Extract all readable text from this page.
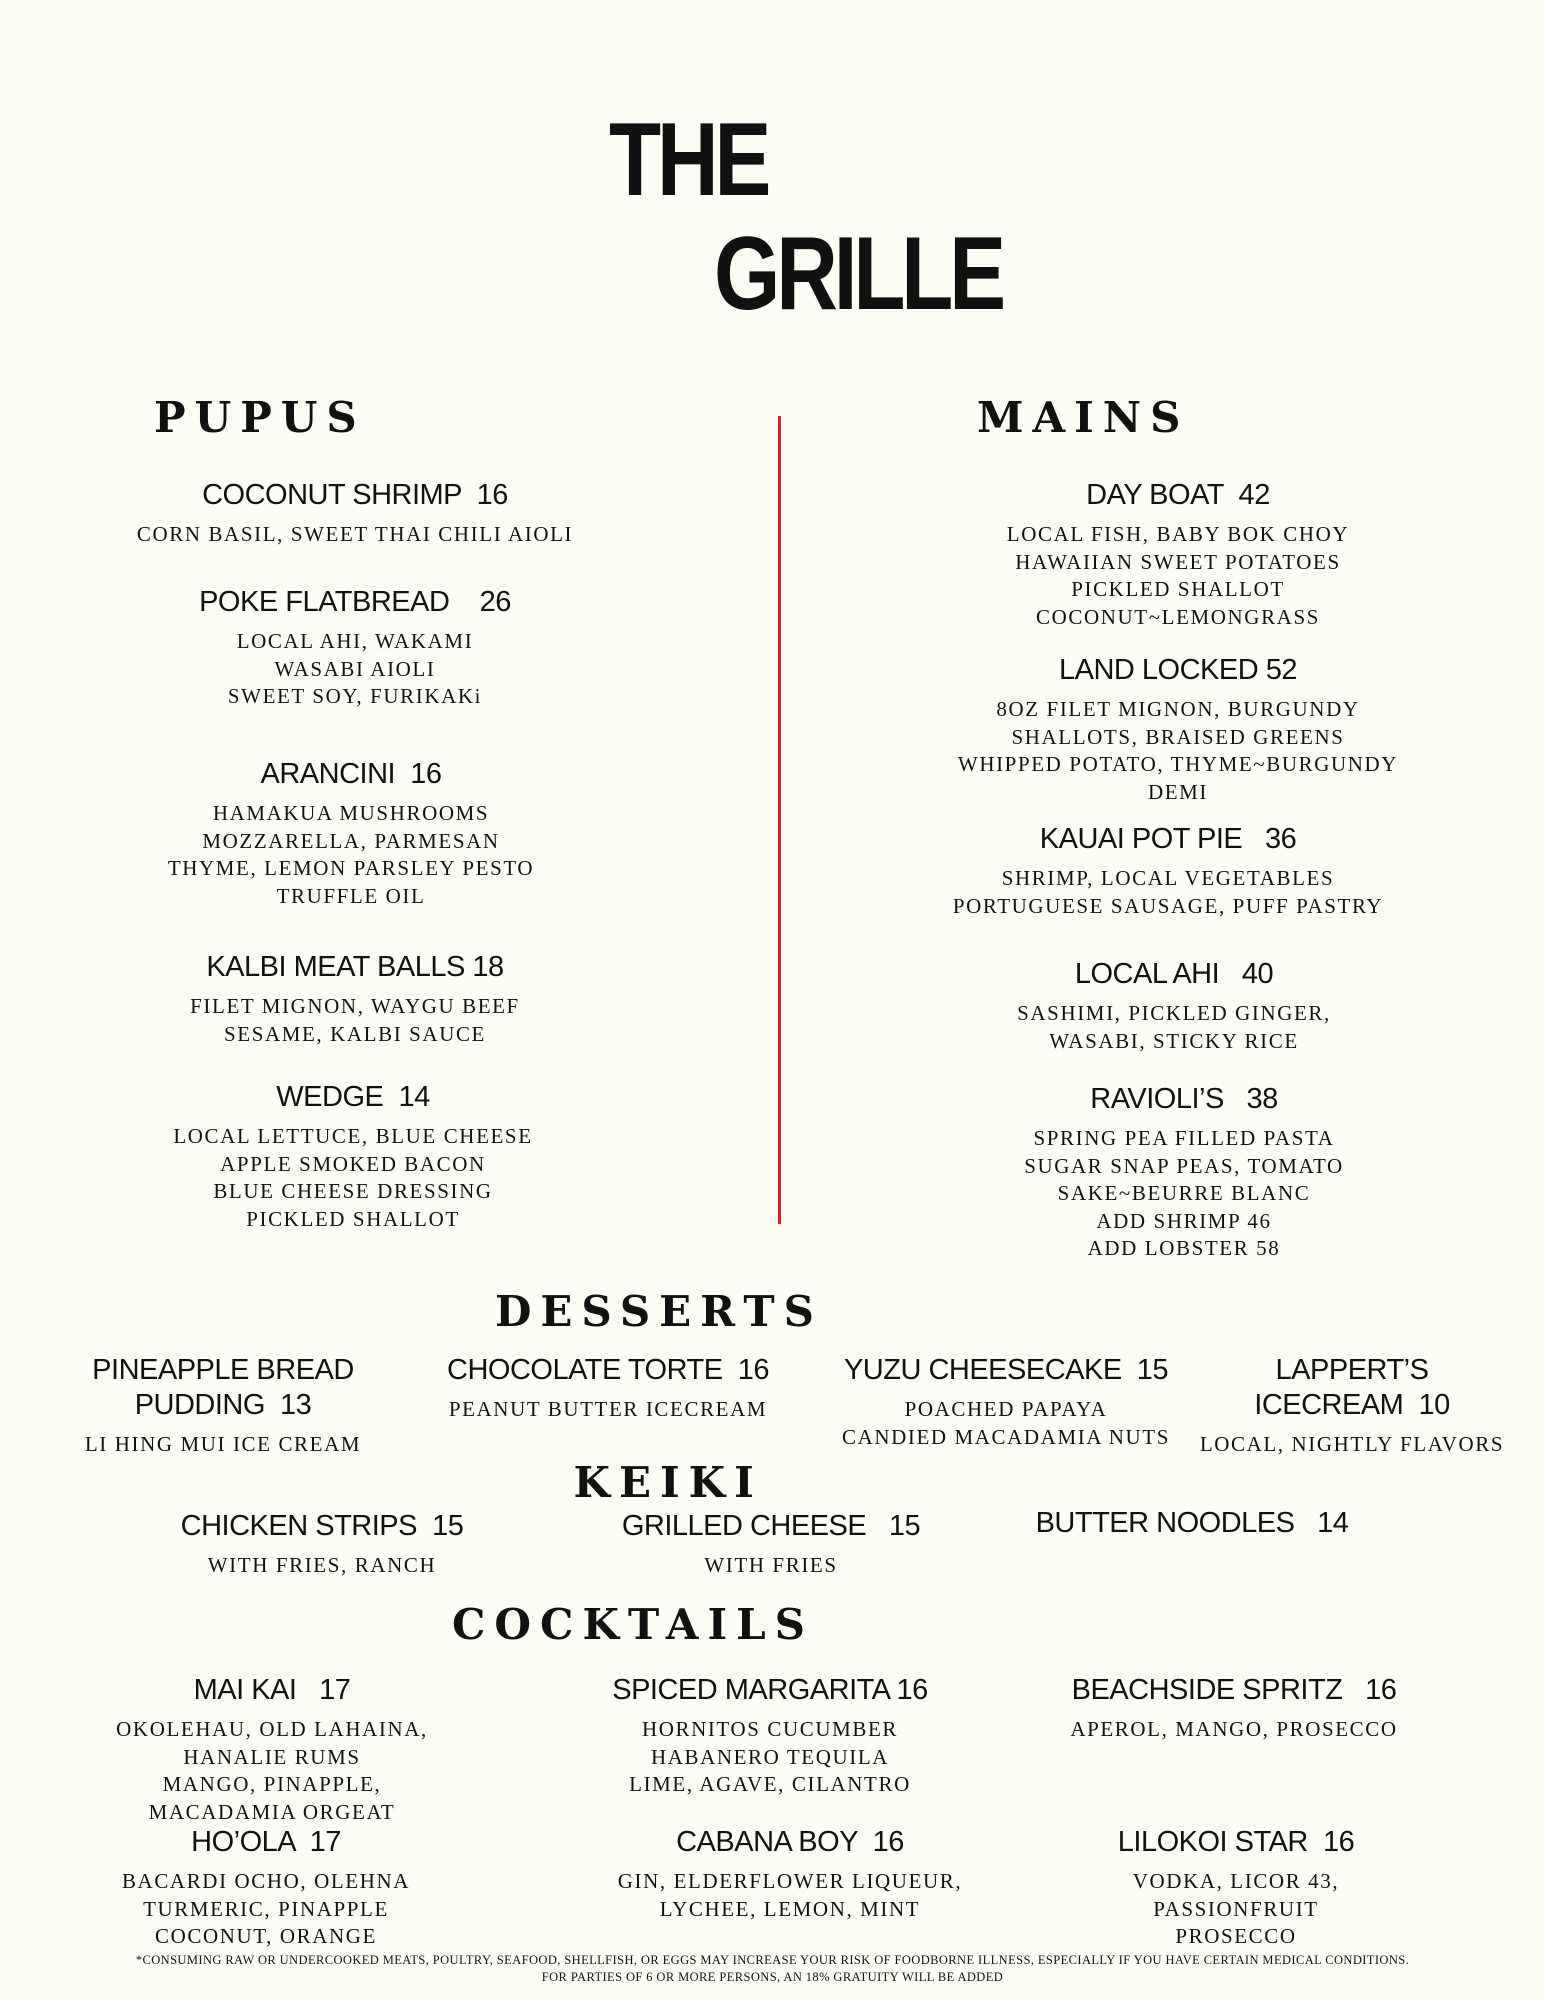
THE
GRILLE
PUPUS	MAINS
DESSERTS
KEIKI
COCKTAILS
COCONUT SHRIMP  16
CORN BASIL, SWEET THAI CHILI AIOLI
POKE FLATBREAD    26
LOCAL AHI, WAKAMI
WASABI AIOLI
SWEET SOY, FURIKAKi
ARANCINI  16
HAMAKUA MUSHROOMS
MOZZARELLA, PARMESAN
THYME, LEMON PARSLEY PESTO
TRUFFLE OIL
KALBI MEAT BALLS 18
FILET MIGNON, WAYGU BEEF
SESAME, KALBI SAUCE
WEDGE  14
LOCAL LETTUCE, BLUE CHEESE
APPLE SMOKED BACON
BLUE CHEESE DRESSING
PICKLED SHALLOT
DAY BOAT  42
LOCAL FISH, BABY BOK CHOY
HAWAIIAN SWEET POTATOES
PICKLED SHALLOT
COCONUT~LEMONGRASS
LAND LOCKED 52
8OZ FILET MIGNON, BURGUNDY
SHALLOTS, BRAISED GREENS
WHIPPED POTATO, THYME~BURGUNDY
DEMI
KAUAI POT PIE   36
SHRIMP, LOCAL VEGETABLES
PORTUGUESE SAUSAGE, PUFF PASTRY
LOCAL AHI   40
SASHIMI, PICKLED GINGER,
WASABI, STICKY RICE
RAVIOLI’S   38
SPRING PEA FILLED PASTA
SUGAR SNAP PEAS, TOMATO
SAKE~BEURRE BLANC
ADD SHRIMP 46
ADD LOBSTER 58
PINEAPPLE BREAD
PUDDING  13
LI HING MUI ICE CREAM
CHOCOLATE TORTE  16
PEANUT BUTTER ICECREAM
YUZU CHEESECAKE  15
POACHED PAPAYA
CANDIED MACADAMIA NUTS
LAPPERT’S
ICECREAM  10
LOCAL, NIGHTLY FLAVORS
CHICKEN STRIPS  15
WITH FRIES, RANCH
GRILLED CHEESE   15
WITH FRIES
BUTTER NOODLES   14
MAI KAI   17
OKOLEHAU, OLD LAHAINA,
HANALIE RUMS
MANGO, PINAPPLE,
MACADAMIA ORGEAT
SPICED MARGARITA 16
HORNITOS CUCUMBER
HABANERO TEQUILA
LIME, AGAVE, CILANTRO
BEACHSIDE SPRITZ   16
APEROL, MANGO, PROSECCO
HO’OLA  17
BACARDI OCHO, OLEHNA
TURMERIC, PINAPPLE
COCONUT, ORANGE
CABANA BOY  16
GIN, ELDERFLOWER LIQUEUR,
LYCHEE, LEMON, MINT
LILOKOI STAR  16
VODKA, LICOR 43,
PASSIONFRUIT
PROSECCO
*CONSUMING RAW OR UNDERCOOKED MEATS, POULTRY, SEAFOOD, SHELLFISH, OR EGGS MAY INCREASE YOUR RISK OF FOODBORNE ILLNESS, ESPECIALLY IF YOU HAVE CERTAIN MEDICAL CONDITIONS.
FOR PARTIES OF 6 OR MORE PERSONS, AN 18% GRATUITY WILL BE ADDED
